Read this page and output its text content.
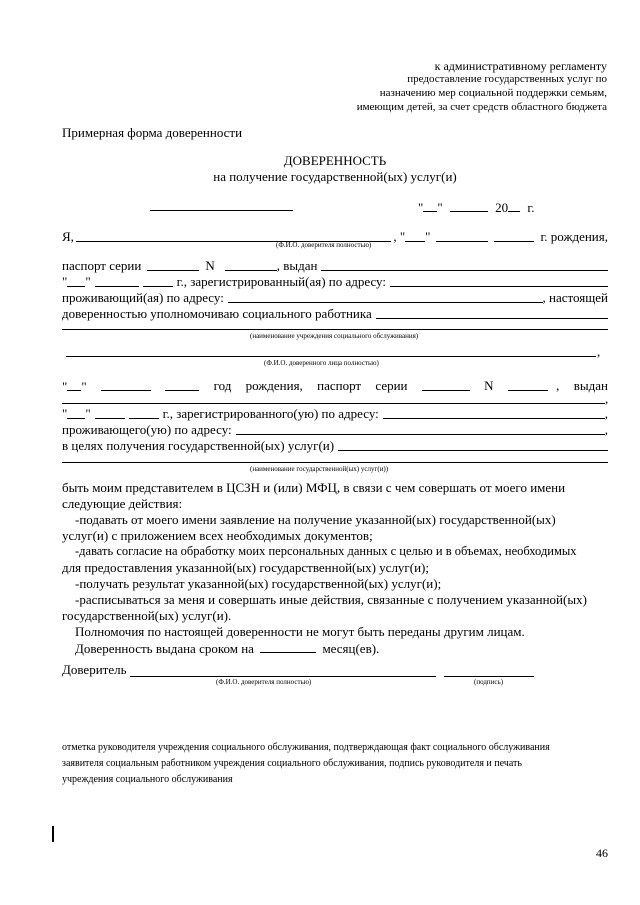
к административному регламенту
предоставление государственных услуг по
назначению мер социальной поддержки семьям,
имеющим детей, за счет средств областного бюджета
Примерная форма доверенности
ДОВЕРЕННОСТЬ
на получение государственной(ых) услуг(и)
" "	20 г.
Я,	, " "	г. рождения,
(Ф.И.О. доверителя полностью)
паспорт серии	N	, выдан
" "	г., зарегистрированный(ая) по адресу:
проживающий(ая) по адресу:	, настоящей
доверенностью уполномочиваю социального работника
(наименование учреждения социального обслуживания)
,
(Ф.И.О. доверенного лица полностью)
" "	год рождения, паспорт серии	N	, выдан
,
" "	г., зарегистрированного(ую) по адресу:	,
проживающего(ую) по адресу:	,
в целях получения государственной(ых) услуг(и)
(наименование государственной(ых) услуг(и))
быть моим представителем в ЦСЗН и (или) МФЦ, в связи с чем совершать от моего имени
следующие действия:
-подавать от моего имени заявление на получение указанной(ых) государственной(ых)
услуг(и) с приложением всех необходимых документов;
-давать согласие на обработку моих персональных данных с целью и в объемах, необходимых
для предоставления указанной(ых) государственной(ых) услуг(и);
-получать результат указанной(ых) государственной(ых) услуг(и);
-расписываться за меня и совершать иные действия, связанные с получением указанной(ых)
государственной(ых) услуг(и).
Полномочия по настоящей доверенности не могут быть переданы другим лицам.
Доверенность выдана сроком на	месяц(ев).
Доверитель
(Ф.И.О. доверителя полностью)	(подпись)
отметка руководителя учреждения социального обслуживания, подтверждающая факт социального обслуживания
заявителя социальным работником учреждения социального обслуживания, подпись руководителя и печать
учреждения социального обслуживания
46
